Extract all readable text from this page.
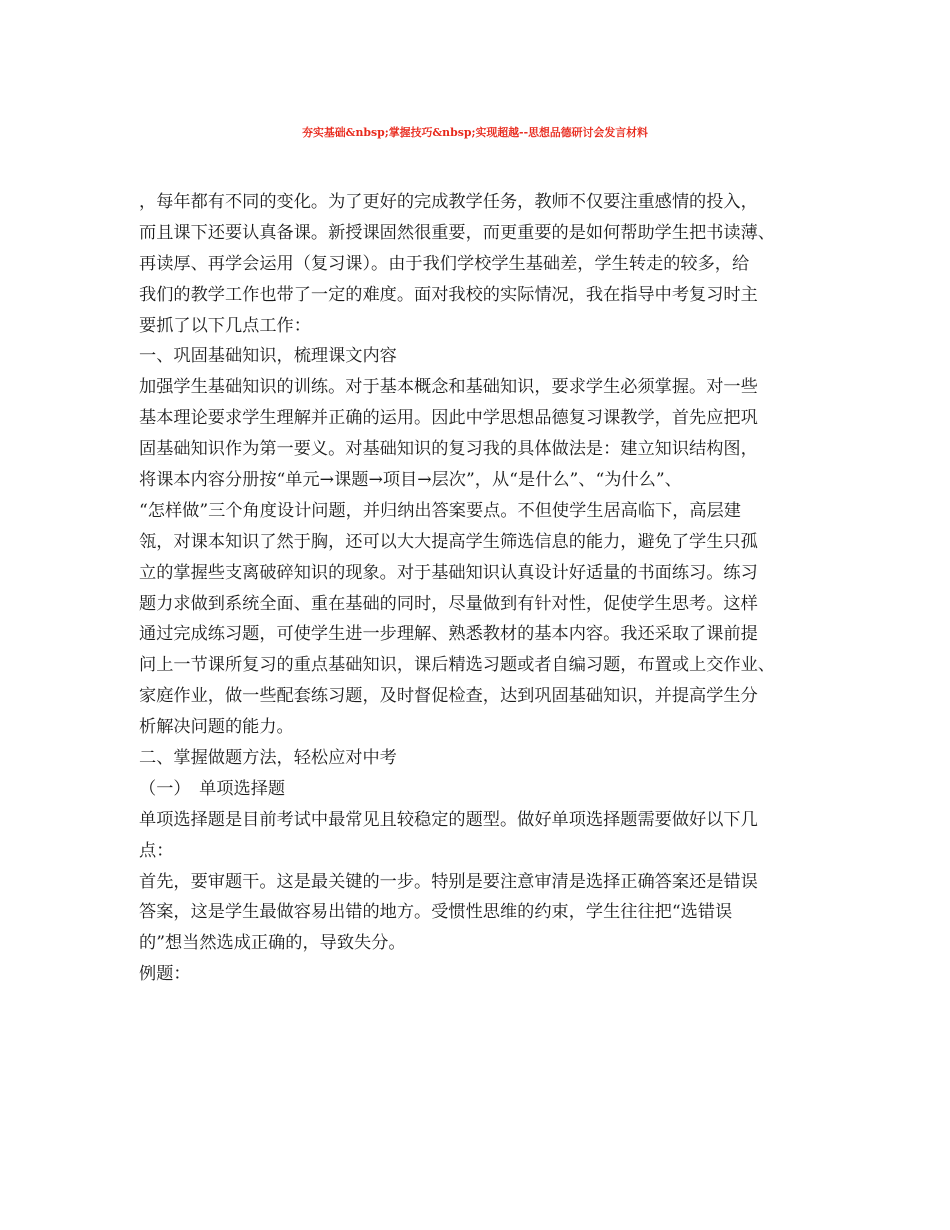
夯实基础&nbsp;掌握技巧&nbsp;实现超越--思想品德研讨会发言材料
，每年都有不同的变化。为了更好的完成教学任务，教师不仅要注重感情的投入，
而且课下还要认真备课。新授课固然很重要，而更重要的是如何帮助学生把书读薄、
再读厚、再学会运用（复习课）。由于我们学校学生基础差，学生转走的较多，给
我们的教学工作也带了一定的难度。面对我校的实际情况，我在指导中考复习时主
要抓了以下几点工作：
一、巩固基础知识，梳理课文内容
加强学生基础知识的训练。对于基本概念和基础知识，要求学生必须掌握。对一些
基本理论要求学生理解并正确的运用。因此中学思想品德复习课教学，首先应把巩
固基础知识作为第一要义。对基础知识的复习我的具体做法是：建立知识结构图，
将课本内容分册按“单元→课题→项目→层次”，从“是什么”、“为什么”、
“怎样做”三个角度设计问题，并归纳出答案要点。不但使学生居高临下，高层建
瓴，对课本知识了然于胸，还可以大大提高学生筛选信息的能力，避免了学生只孤
立的掌握些支离破碎知识的现象。对于基础知识认真设计好适量的书面练习。练习
题力求做到系统全面、重在基础的同时，尽量做到有针对性，促使学生思考。这样
通过完成练习题，可使学生进一步理解、熟悉教材的基本内容。我还采取了课前提
问上一节课所复习的重点基础知识，课后精选习题或者自编习题，布置或上交作业、
家庭作业，做一些配套练习题，及时督促检查，达到巩固基础知识，并提高学生分
析解决问题的能力。
二、掌握做题方法，轻松应对中考
（一）　单项选择题
单项选择题是目前考试中最常见且较稳定的题型。做好单项选择题需要做好以下几
点：
首先，要审题干。这是最关键的一步。特别是要注意审清是选择正确答案还是错误
答案，这是学生最做容易出错的地方。受惯性思维的约束，学生往往把“选错误
的”想当然选成正确的，导致失分。
例题：
